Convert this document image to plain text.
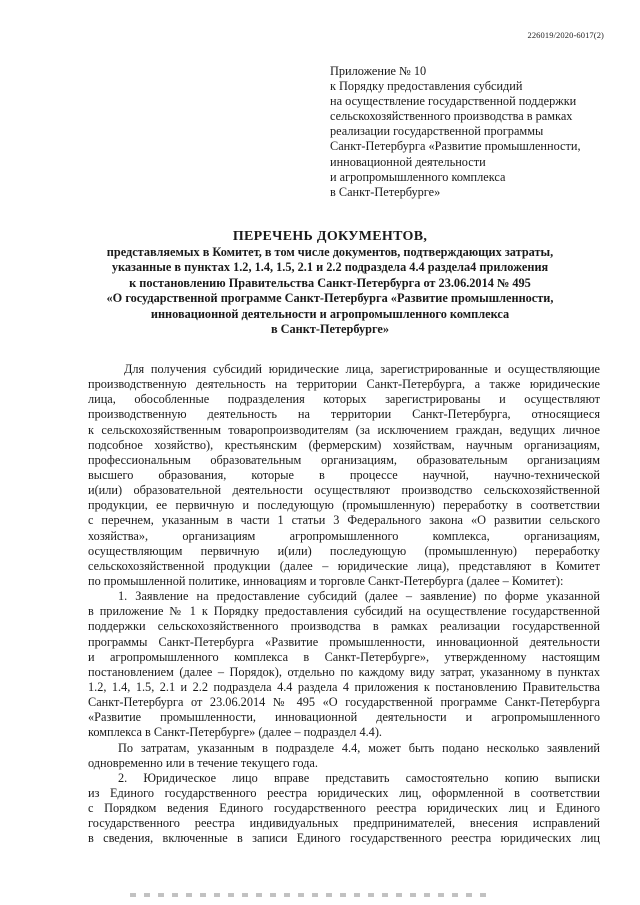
226019/2020-6017(2)
Приложение № 10
к Порядку предоставления субсидий
на осуществление государственной поддержки
сельскохозяйственного производства в рамках
реализации государственной программы
Санкт-Петербурга «Развитие промышленности,
инновационной деятельности
и агропромышленного комплекса
в Санкт-Петербурге»
ПЕРЕЧЕНЬ ДОКУМЕНТОВ,
представляемых в Комитет, в том числе документов, подтверждающих затраты,
указанные в пунктах 1.2, 1.4, 1.5, 2.1 и 2.2 подраздела 4.4 раздела4 приложения
к постановлению Правительства Санкт-Петербурга от 23.06.2014 № 495
«О государственной программе Санкт-Петербурга «Развитие промышленности,
инновационной деятельности и агропромышленного комплекса
в Санкт-Петербурге»
Для получения субсидий юридические лица, зарегистрированные и осуществляющие
производственную деятельность на территории Санкт-Петербурга, а также юридические
лица, обособленные подразделения которых зарегистрированы и осуществляют
производственную деятельность на территории Санкт-Петербурга, относящиеся
к сельскохозяйственным товаропроизводителям (за исключением граждан, ведущих личное
подсобное хозяйство), крестьянским (фермерским) хозяйствам, научным организациям,
профессиональным образовательным организациям, образовательным организациям
высшего образования, которые в процессе научной, научно-технической
и(или) образовательной деятельности осуществляют производство сельскохозяйственной
продукции, ее первичную и последующую (промышленную) переработку в соответствии
с перечнем, указанным в части 1 статьи 3 Федерального закона «О развитии сельского
хозяйства», организациям агропромышленного комплекса, организациям,
осуществляющим первичную и(или) последующую (промышленную) переработку
сельскохозяйственной продукции (далее – юридические лица), представляют в Комитет
по промышленной политике, инновациям и торговле Санкт-Петербурга (далее – Комитет):
1. Заявление на предоставление субсидий (далее – заявление) по форме указанной
в приложение № 1 к Порядку предоставления субсидий на осуществление государственной
поддержки сельскохозяйственного производства в рамках реализации государственной
программы Санкт-Петербурга «Развитие промышленности, инновационной деятельности
и агропромышленного комплекса в Санкт-Петербурге», утвержденному настоящим
постановлением (далее – Порядок), отдельно по каждому виду затрат, указанному в пунктах
1.2, 1.4, 1.5, 2.1 и 2.2 подраздела 4.4 раздела 4 приложения к постановлению Правительства
Санкт-Петербурга от 23.06.2014 № 495 «О государственной программе Санкт-Петербурга
«Развитие промышленности, инновационной деятельности и агропромышленного
комплекса в Санкт-Петербурге» (далее – подраздел 4.4).
По затратам, указанным в подразделе 4.4, может быть подано несколько заявлений
одновременно или в течение текущего года.
2. Юридическое лицо вправе представить самостоятельно копию выписки
из Единого государственного реестра юридических лиц, оформленной в соответствии
с Порядком ведения Единого государственного реестра юридических лиц и Единого
государственного реестра индивидуальных предпринимателей, внесения исправлений
в сведения, включенные в записи Единого государственного реестра юридических лиц
